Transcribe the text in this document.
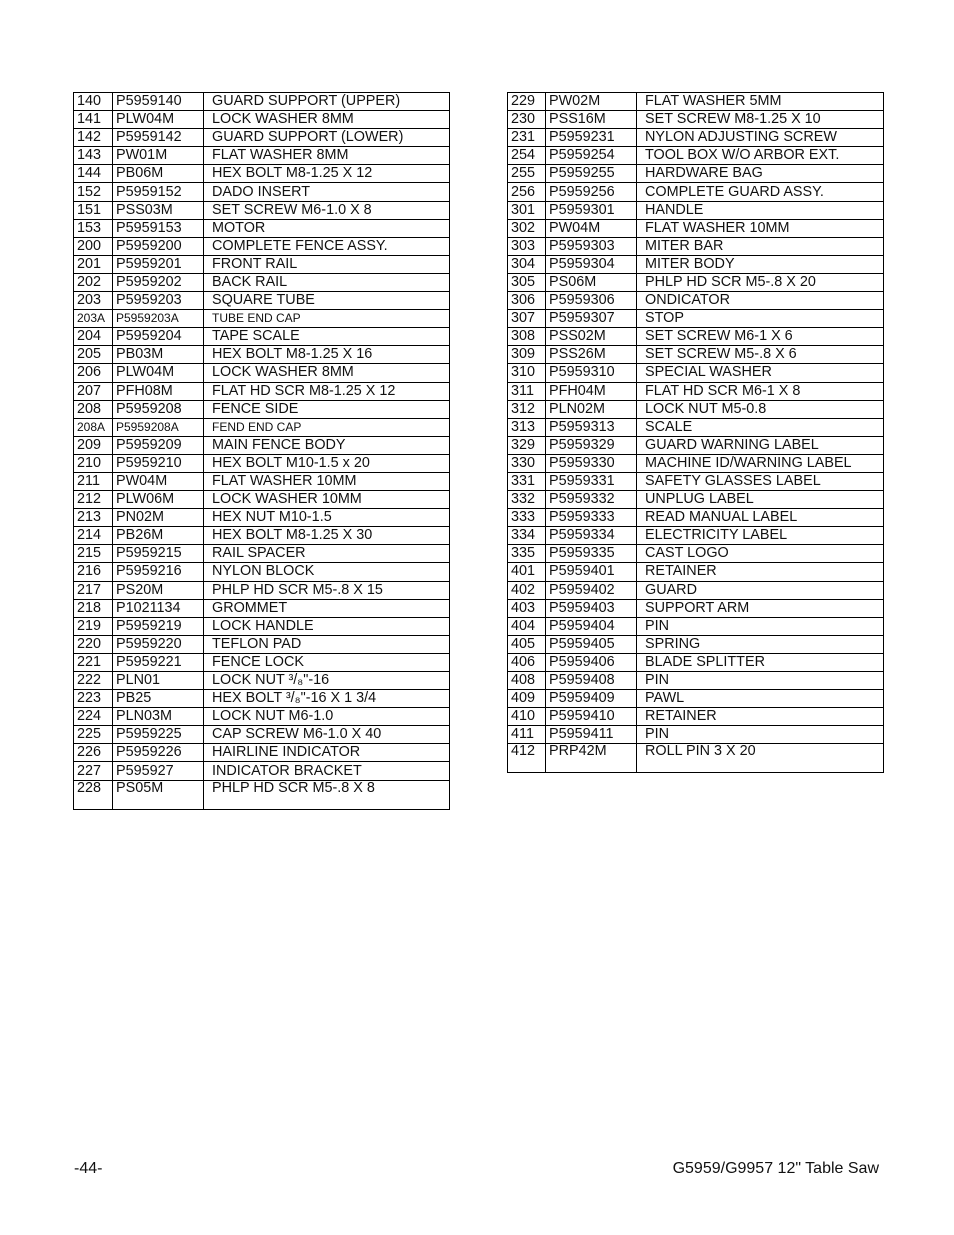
140	P5959140	GUARD SUPPORT (UPPER)
141	PLW04M	LOCK WASHER 8MM
142	P5959142	GUARD SUPPORT (LOWER)
143	PW01M	FLAT WASHER 8MM
144	PB06M	HEX BOLT M8-1.25 X 12
152	P5959152	DADO INSERT
151	PSS03M	SET SCREW M6-1.0 X 8
153	P5959153	MOTOR
200	P5959200	COMPLETE FENCE ASSY.
201	P5959201	FRONT RAIL
202	P5959202	BACK RAIL
203	P5959203	SQUARE TUBE
203A	P5959203A	TUBE END CAP
204	P5959204	TAPE SCALE
205	PB03M	HEX BOLT M8-1.25 X 16
206	PLW04M	LOCK WASHER 8MM
207	PFH08M	FLAT HD SCR M8-1.25 X 12
208	P5959208	FENCE SIDE
208A	P5959208A	FEND END CAP
209	P5959209	MAIN FENCE BODY
210	P5959210	HEX BOLT M10-1.5 x 20
211	PW04M	FLAT WASHER 10MM
212	PLW06M	LOCK WASHER 10MM
213	PN02M	HEX NUT M10-1.5
214	PB26M	HEX BOLT M8-1.25 X 30
215	P5959215	RAIL SPACER
216	P5959216	NYLON BLOCK
217	PS20M	PHLP HD SCR M5-.8 X 15
218	P1021134	GROMMET
219	P5959219	LOCK HANDLE
220	P5959220	TEFLON PAD
221	P5959221	FENCE LOCK
222	PLN01	LOCK NUT ³/₈"-16
223	PB25	HEX BOLT ³/₈"-16 X 1 3/4
224	PLN03M	LOCK NUT M6-1.0
225	P5959225	CAP SCREW M6-1.0 X 40
226	P5959226	HAIRLINE INDICATOR
227	P595927	INDICATOR BRACKET
228	PS05M	PHLP HD SCR M5-.8 X 8
229	PW02M	FLAT WASHER 5MM
230	PSS16M	SET SCREW M8-1.25 X 10
231	P5959231	NYLON ADJUSTING SCREW
254	P5959254	TOOL BOX W/O ARBOR EXT.
255	P5959255	HARDWARE BAG
256	P5959256	COMPLETE GUARD ASSY.
301	P5959301	HANDLE
302	PW04M	FLAT WASHER 10MM
303	P5959303	MITER BAR
304	P5959304	MITER BODY
305	PS06M	PHLP HD SCR M5-.8 X 20
306	P5959306	ONDICATOR
307	P5959307	STOP
308	PSS02M	SET SCREW M6-1 X 6
309	PSS26M	SET SCREW M5-.8 X 6
310	P5959310	SPECIAL WASHER
311	PFH04M	FLAT HD SCR M6-1 X 8
312	PLN02M	LOCK NUT M5-0.8
313	P5959313	SCALE
329	P5959329	GUARD WARNING LABEL
330	P5959330	MACHINE ID/WARNING LABEL
331	P5959331	SAFETY GLASSES LABEL
332	P5959332	UNPLUG LABEL
333	P5959333	READ MANUAL LABEL
334	P5959334	ELECTRICITY LABEL
335	P5959335	CAST LOGO
401	P5959401	RETAINER
402	P5959402	GUARD
403	P5959403	SUPPORT ARM
404	P5959404	PIN
405	P5959405	SPRING
406	P5959406	BLADE SPLITTER
408	P5959408	PIN
409	P5959409	PAWL
410	P5959410	RETAINER
411	P5959411	PIN
412	PRP42M	ROLL PIN 3 X 20
-44-	G5959/G9957 12" Table Saw
